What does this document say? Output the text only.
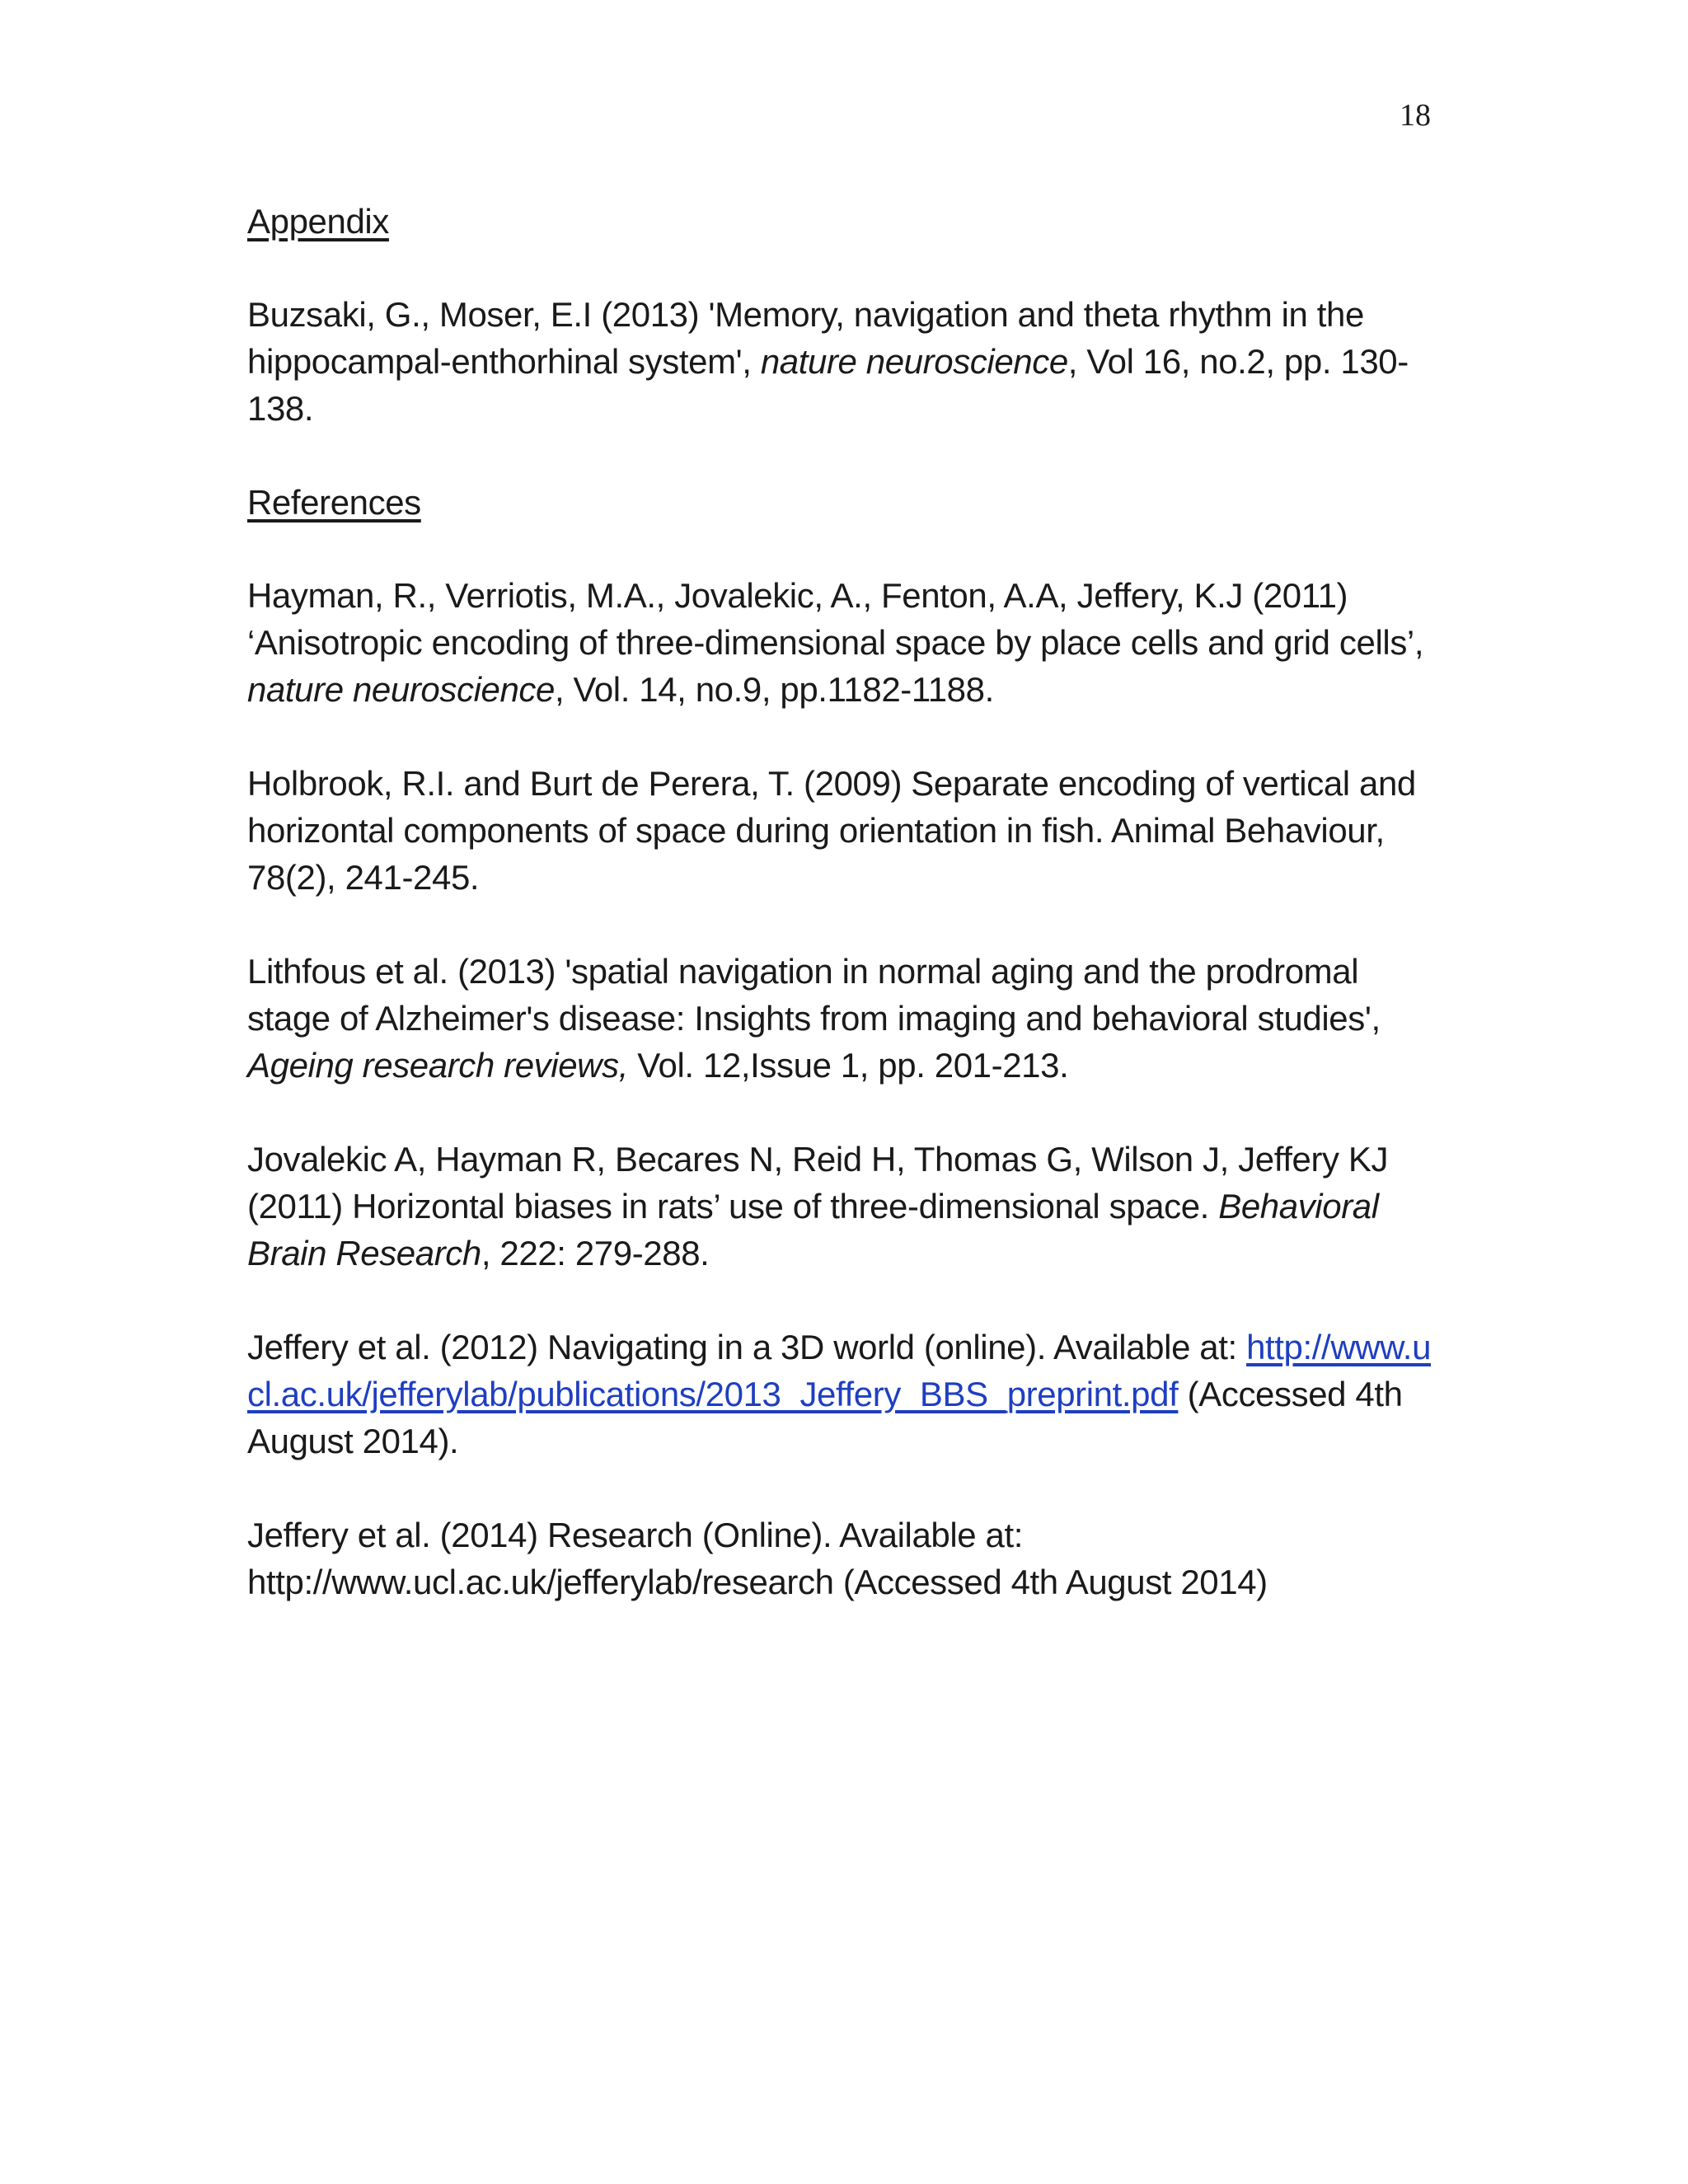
18
Appendix
Buzsaki, G., Moser, E.I (2013) 'Memory, navigation and theta rhythm in the hippocampal-enthorhinal system', nature neuroscience, Vol 16, no.2, pp. 130-138.
References
Hayman, R., Verriotis, M.A., Jovalekic, A., Fenton, A.A, Jeffery, K.J (2011) ‘Anisotropic encoding of three-dimensional space by place cells and grid cells’, nature neuroscience, Vol. 14, no.9, pp.1182-1188.
Holbrook, R.I. and Burt de Perera, T. (2009) Separate encoding of vertical and horizontal components of space during orientation in fish. Animal Behaviour, 78(2), 241-245.
Lithfous et al. (2013) 'spatial navigation in normal aging and the prodromal stage of Alzheimer's disease: Insights from imaging and behavioral studies', Ageing research reviews, Vol. 12,Issue 1, pp. 201-213.
Jovalekic A, Hayman R, Becares N, Reid H, Thomas G, Wilson J, Jeffery KJ (2011) Horizontal biases in rats’ use of three-dimensional space. Behavioral Brain Research, 222: 279-288.
Jeffery et al. (2012) Navigating in a 3D world (online). Available at: http://www.ucl.ac.uk/jefferylab/publications/2013_Jeffery_BBS_preprint.pdf (Accessed 4th August 2014).
Jeffery et al. (2014) Research (Online). Available at: http://www.ucl.ac.uk/jefferylab/research (Accessed 4th August 2014)
